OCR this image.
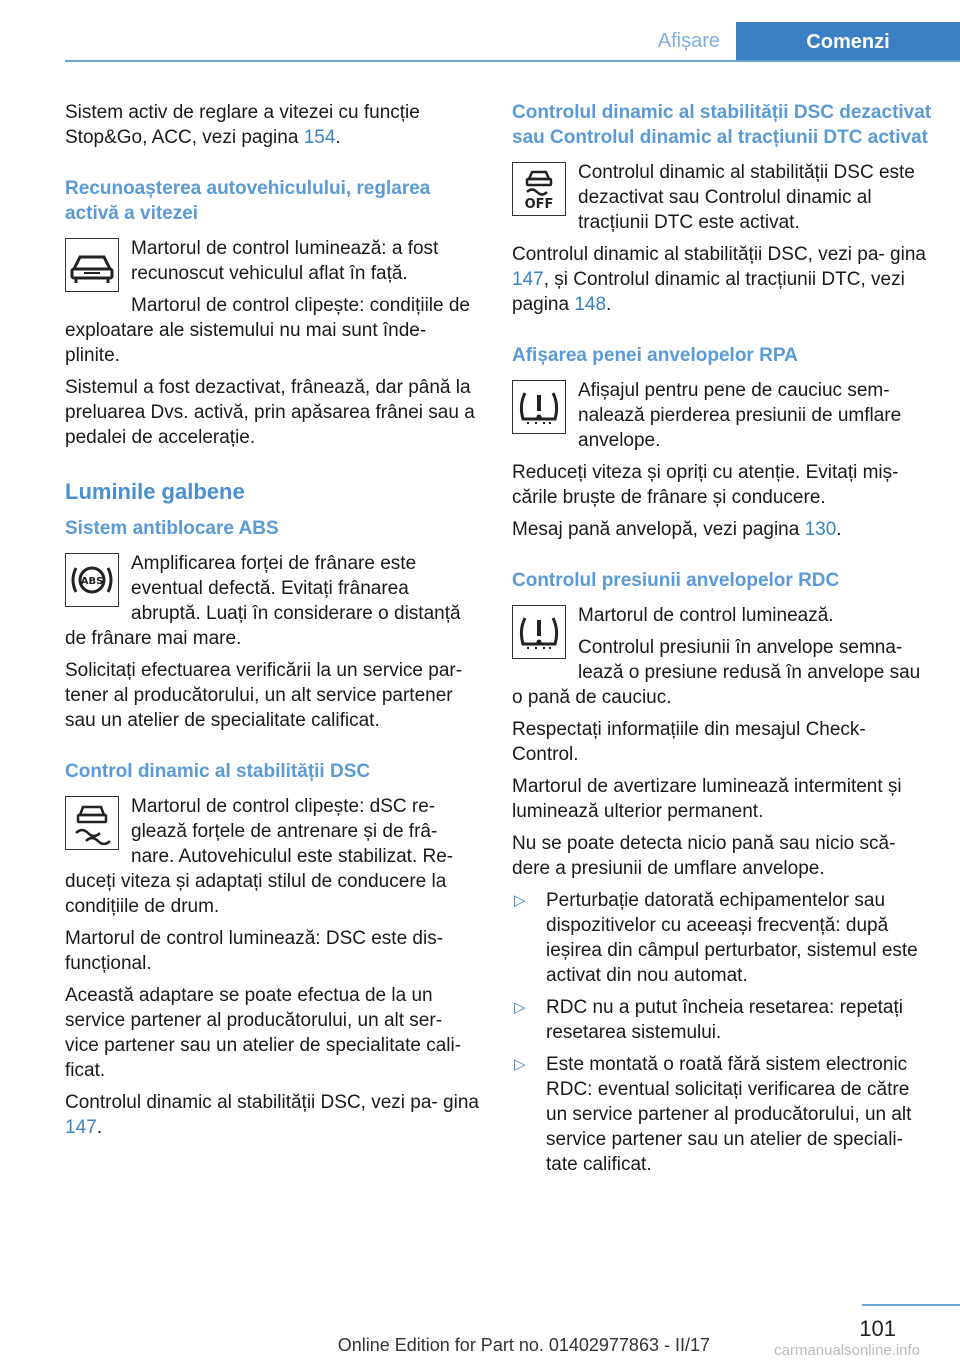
Afișare	Comenzi

Sistem activ de reglare a vitezei cu funcție Stop&Go, ACC, vezi pagina 154.

Recunoașterea autovehiculului, reglarea activă a vitezei

Martorul de control luminează: a fost recunoscut vehiculul aflat în față.

Martorul de control clipește: condițiile de exploatare ale sistemului nu mai sunt înde- plinite.

Sistemul a fost dezactivat, frânează, dar până la preluarea Dvs. activă, prin apăsarea frânei sau a pedalei de accelerație.

Luminile galbene
Sistem antiblocare ABS
ABS

Amplificarea forței de frânare este eventual defectă. Evitați frânarea abruptă. Luați în considerare o distanță de frânare mai mare.

Solicitați efectuarea verificării la un service par- tener al producătorului, un alt service partener sau un atelier de specialitate calificat.

Control dinamic al stabilității DSC

Martorul de control clipește: dSC re- glează forțele de antrenare și de frâ- nare. Autovehiculul este stabilizat. Re- duceți viteza și adaptați stilul de conducere la condițiile de drum.

Martorul de control luminează: DSC este dis- funcțional.

Această adaptare se poate efectua de la un service partener al producătorului, un alt ser- vice partener sau un atelier de specialitate cali- ficat.

Controlul dinamic al stabilității DSC, vezi pa- gina 147.

Controlul dinamic al stabilității DSC dezactivat sau Controlul dinamic al tracțiunii DTC activat
OFF

Controlul dinamic al stabilității DSC este dezactivat sau Controlul dinamic al tracțiunii DTC este activat.

Controlul dinamic al stabilității DSC, vezi pa- gina 147, și Controlul dinamic al tracțiunii DTC, vezi pagina 148.

Afișarea penei anvelopelor RPA

Afișajul pentru pene de cauciuc sem- nalează pierderea presiunii de umflare anvelope.

Reduceți viteza și opriți cu atenție. Evitați miș- cările bruște de frânare și conducere.

Mesaj pană anvelopă, vezi pagina 130.

Controlul presiunii anvelopelor RDC

Martorul de control luminează.

Controlul presiunii în anvelope semna- lează o presiune redusă în anvelope sau o pană de cauciuc.

Respectați informațiile din mesajul Check- Control.

Martorul de avertizare luminează intermitent și luminează ulterior permanent.

Nu se poate detecta nicio pană sau nicio scă- dere a presiunii de umflare anvelope.

▷ Perturbație datorată echipamentelor sau dispozitivelor cu aceeași frecvență: după ieșirea din câmpul perturbator, sistemul este activat din nou automat.
▷ RDC nu a putut încheia resetarea: repetați resetarea sistemului.
▷ Este montată o roată fără sistem electronic RDC: eventual solicitați verificarea de către un service partener al producătorului, un alt service partener sau un atelier de speciali- tate calificat.
101
Online Edition for Part no. 01402977863 - II/17	carmanualsonline.info
